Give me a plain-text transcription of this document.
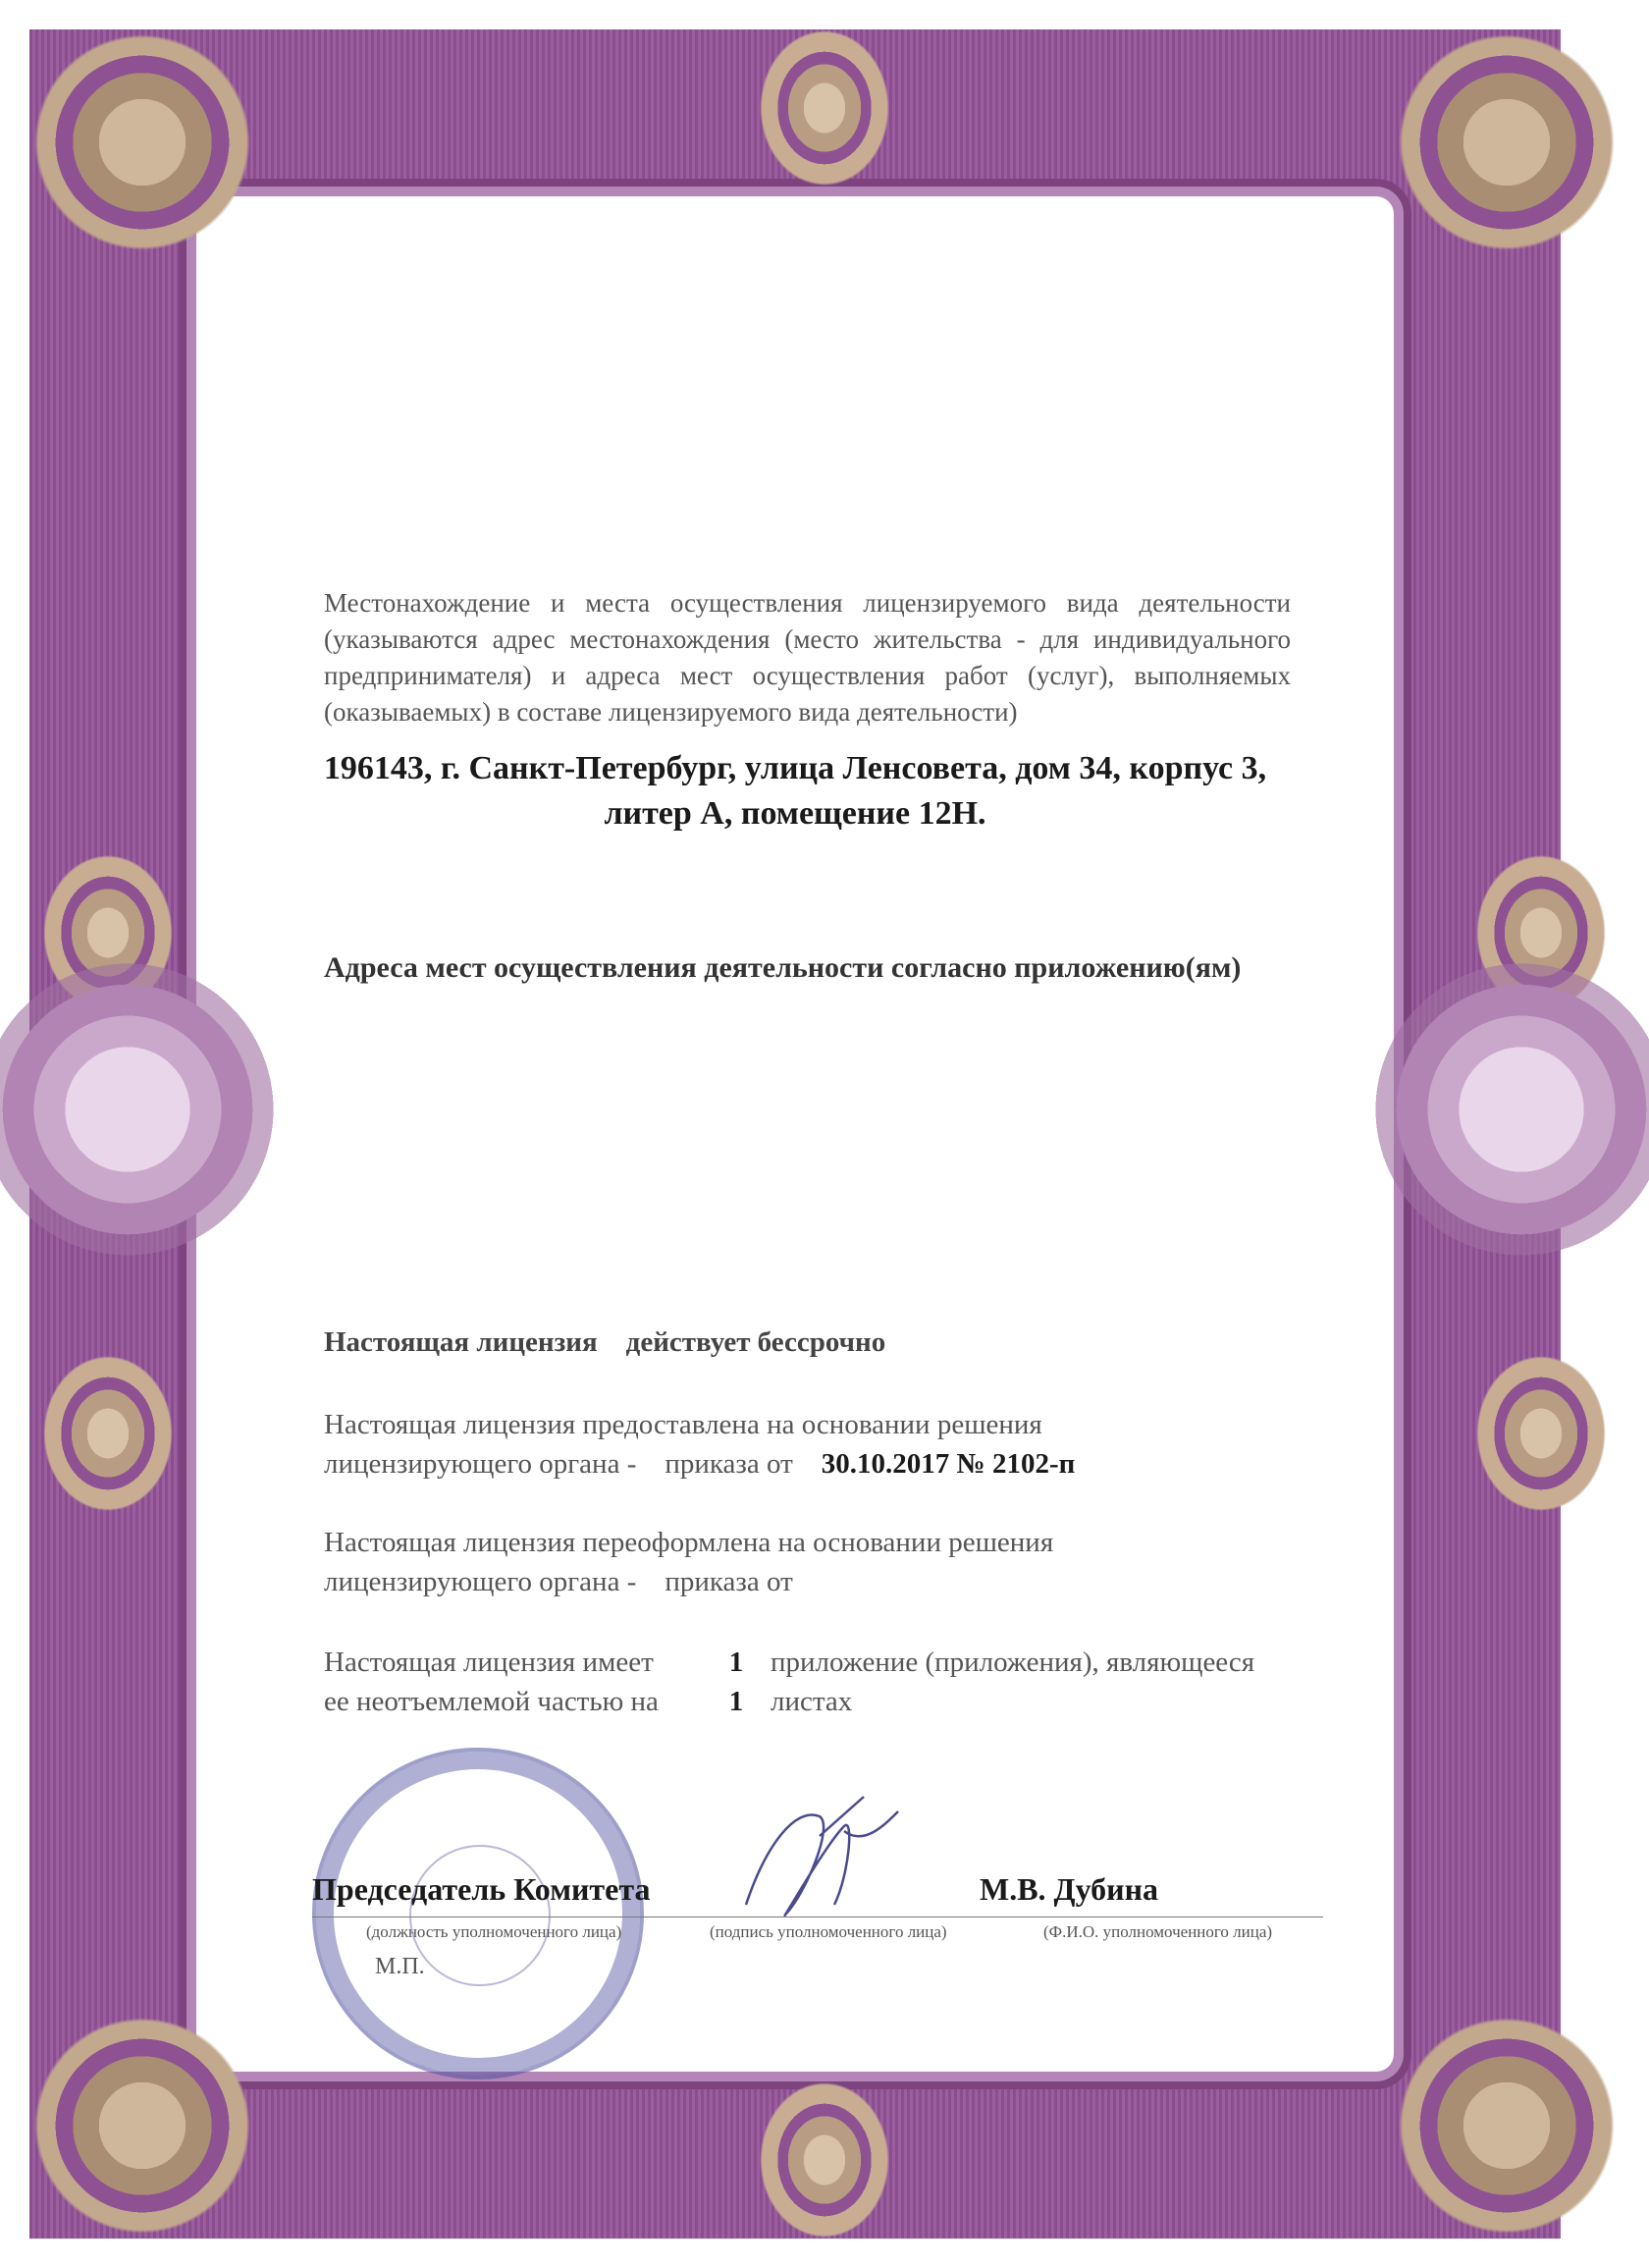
Местонахождение и места осуществления лицензируемого вида деятельности (указываются адрес местонахождения (место жительства - для индивидуального предпринимателя) и адреса мест осуществления работ (услуг), выполняемых (оказываемых) в составе лицензируемого вида деятельности)
196143, г. Санкт-Петербург, улица Ленсовета, дом 34, корпус 3,
литер А, помещение 12Н.
Адреса мест осуществления деятельности согласно приложению(ям)
Настоящая лицензия действует бессрочно
Настоящая лицензия предоставлена на основании решения
лицензирующего органа - приказа от 30.10.2017 № 2102-п
Настоящая лицензия переоформлена на основании решения
лицензирующего органа - приказа от
Настоящая лицензия имеет	1 приложение (приложения), являющееся
ее неотъемлемой частью на 1 листах
Председатель Комитета	М.В. Дубина
(должность уполномоченного лица)	(подпись уполномоченного лица)	(Ф.И.О. уполномоченного лица)
М.П.
